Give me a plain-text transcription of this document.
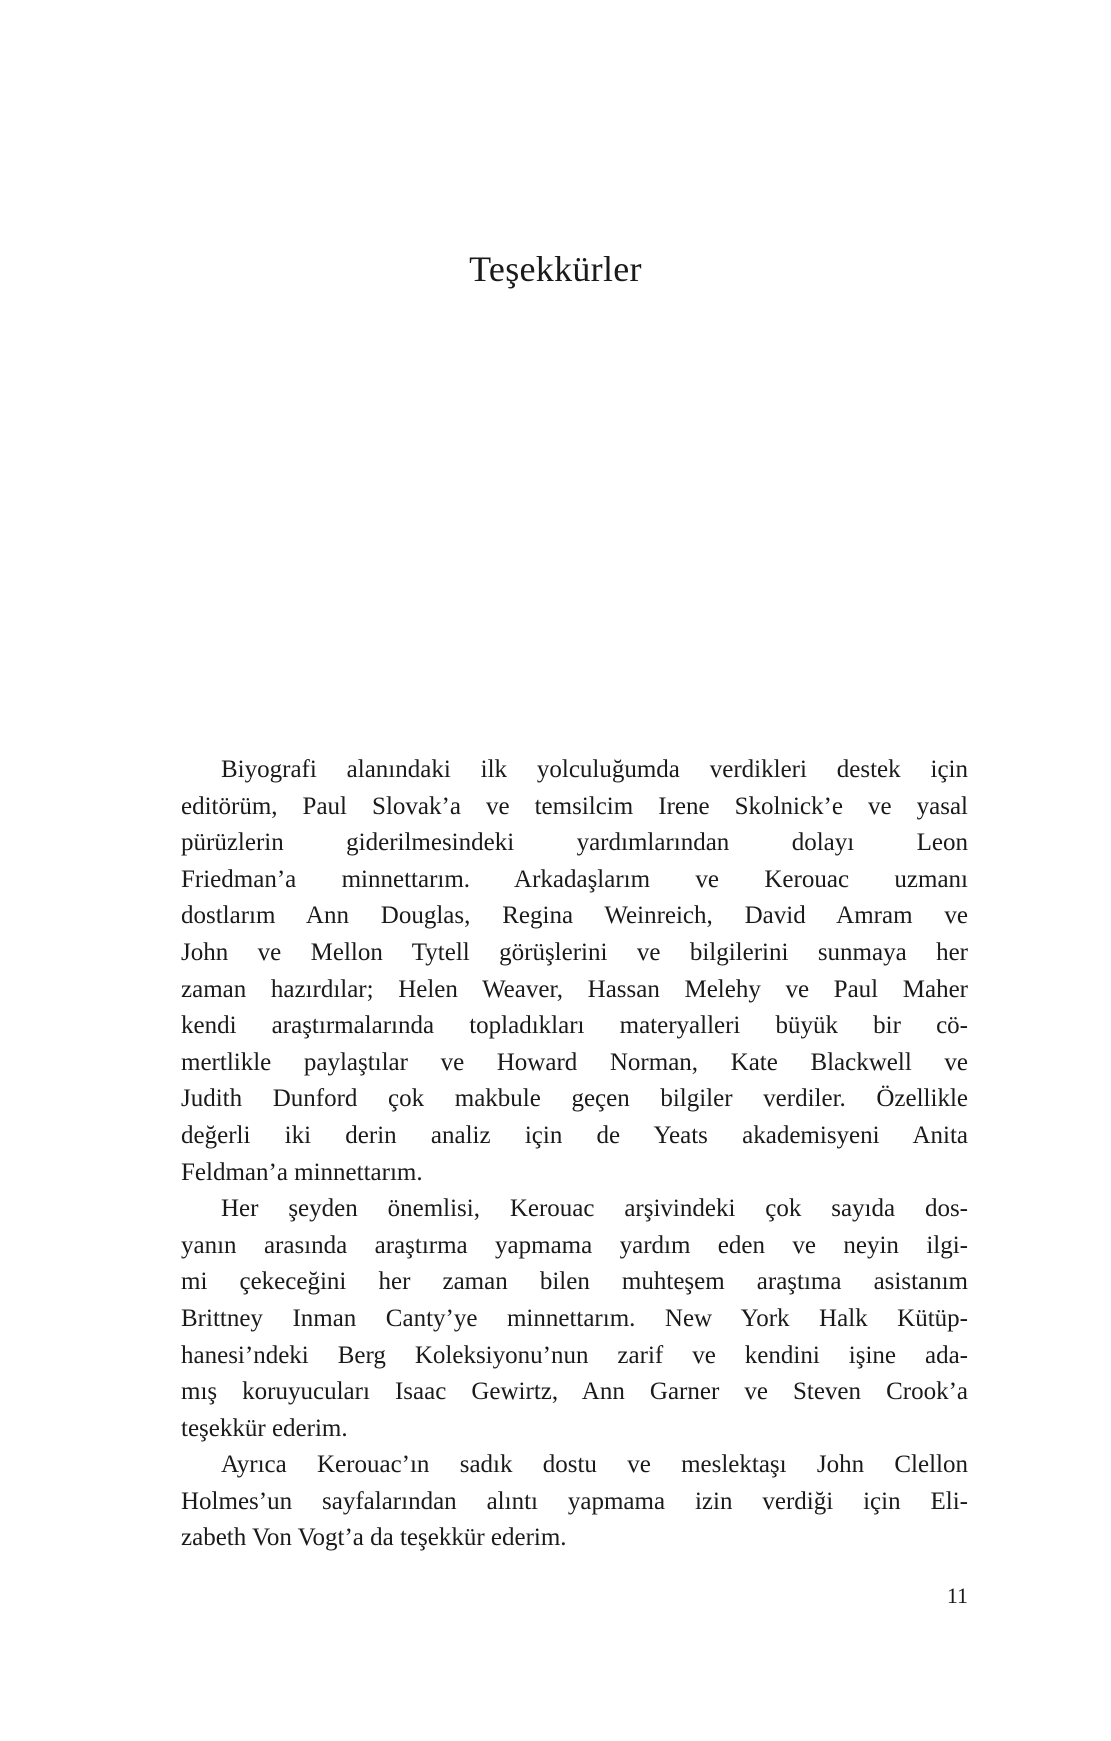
Teşekkürler
Biyografi alanındaki ilk yolculuğumda verdikleri destek için
editörüm, Paul Slovak’a ve temsilcim Irene Skolnick’e ve yasal
pürüzlerin giderilmesindeki yardımlarından dolayı Leon
Friedman’a minnettarım. Arkadaşlarım ve Kerouac uzmanı
dostlarım Ann Douglas, Regina Weinreich, David Amram ve
John ve Mellon Tytell görüşlerini ve bilgilerini sunmaya her
zaman hazırdılar; Helen Weaver, Hassan Melehy ve Paul Maher
kendi araştırmalarında topladıkları materyalleri büyük bir cö-
mertlikle paylaştılar ve Howard Norman, Kate Blackwell ve
Judith Dunford çok makbule geçen bilgiler verdiler. Özellikle
değerli iki derin analiz için de Yeats akademisyeni Anita
Feldman’a minnettarım.
Her şeyden önemlisi, Kerouac arşivindeki çok sayıda dos-
yanın arasında araştırma yapmama yardım eden ve neyin ilgi-
mi çekeceğini her zaman bilen muhteşem araştıma asistanım
Brittney Inman Canty’ye minnettarım. New York Halk Kütüp-
hanesi’ndeki Berg Koleksiyonu’nun zarif ve kendini işine ada-
mış koruyucuları Isaac Gewirtz, Ann Garner ve Steven Crook’a
teşekkür ederim.
Ayrıca Kerouac’ın sadık dostu ve meslektaşı John Clellon
Holmes’un sayfalarından alıntı yapmama izin verdiği için Eli-
zabeth Von Vogt’a da teşekkür ederim.
11
